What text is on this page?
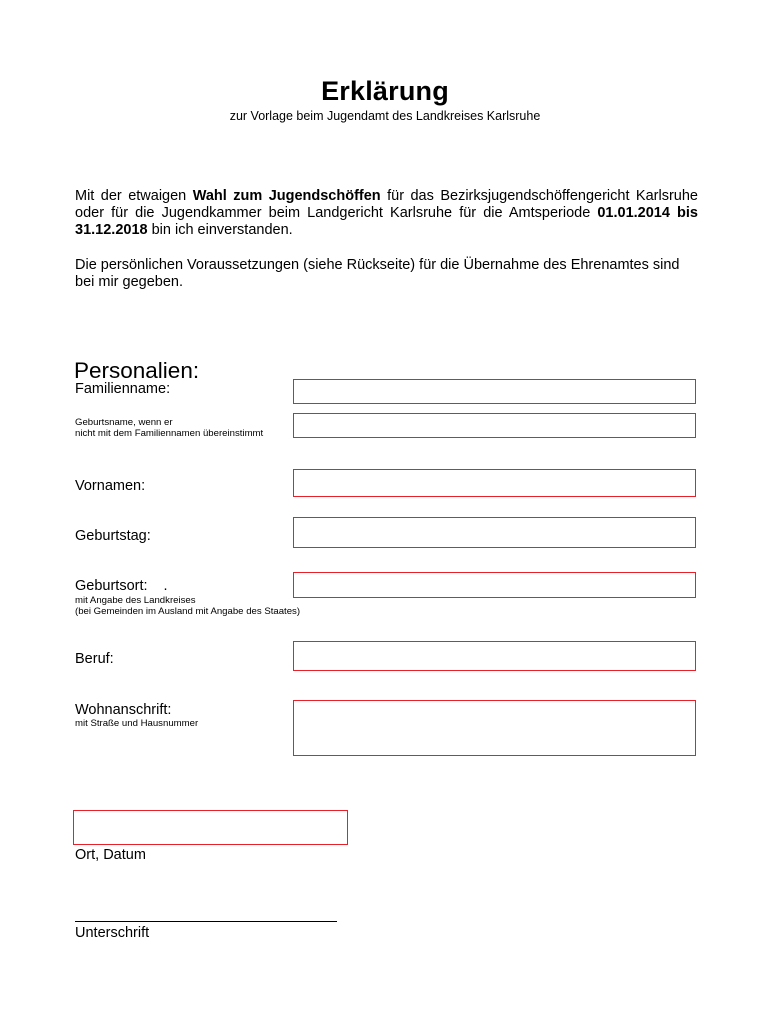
Erklärung
zur Vorlage beim Jugendamt des Landkreises Karlsruhe
Mit der etwaigen Wahl zum Jugendschöffen für das Bezirksjugendschöffengericht Karlsruhe oder für die Jugendkammer beim Landgericht Karlsruhe für die Amtsperiode 01.01.2014 bis 31.12.2018 bin ich einverstanden.
Die persönlichen Voraussetzungen (siehe Rückseite) für die Übernahme des Ehrenamtes sind bei mir gegeben.
Personalien:
Familienname:
Geburtsname, wenn er
nicht mit dem Familiennamen übereinstimmt
Vornamen:
Geburtstag:
Geburtsort: .
mit Angabe des Landkreises
(bei Gemeinden im Ausland mit Angabe des Staates)
Beruf:
Wohnanschrift:
mit Straße und Hausnummer
Ort, Datum
Unterschrift
